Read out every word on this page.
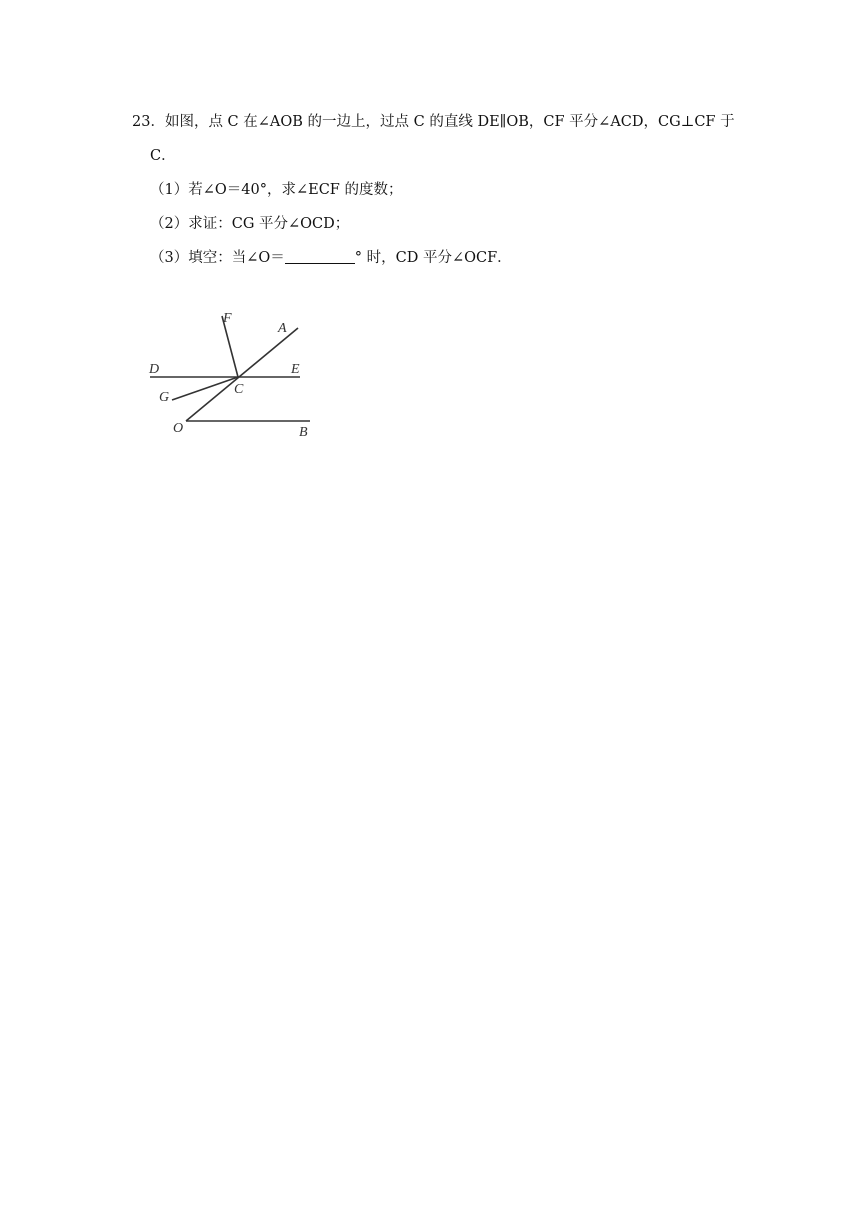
23．如图，点 C 在∠AOB 的一边上，过点 C 的直线 DE∥OB，CF 平分∠ACD，CG⊥CF 于
C．
（1）若∠O＝40°，求∠ECF 的度数；
（2）求证：CG 平分∠OCD；
（3）填空：当∠O＝	° 时，CD 平分∠OCF．
F
A
D	E
G
C
O	B
